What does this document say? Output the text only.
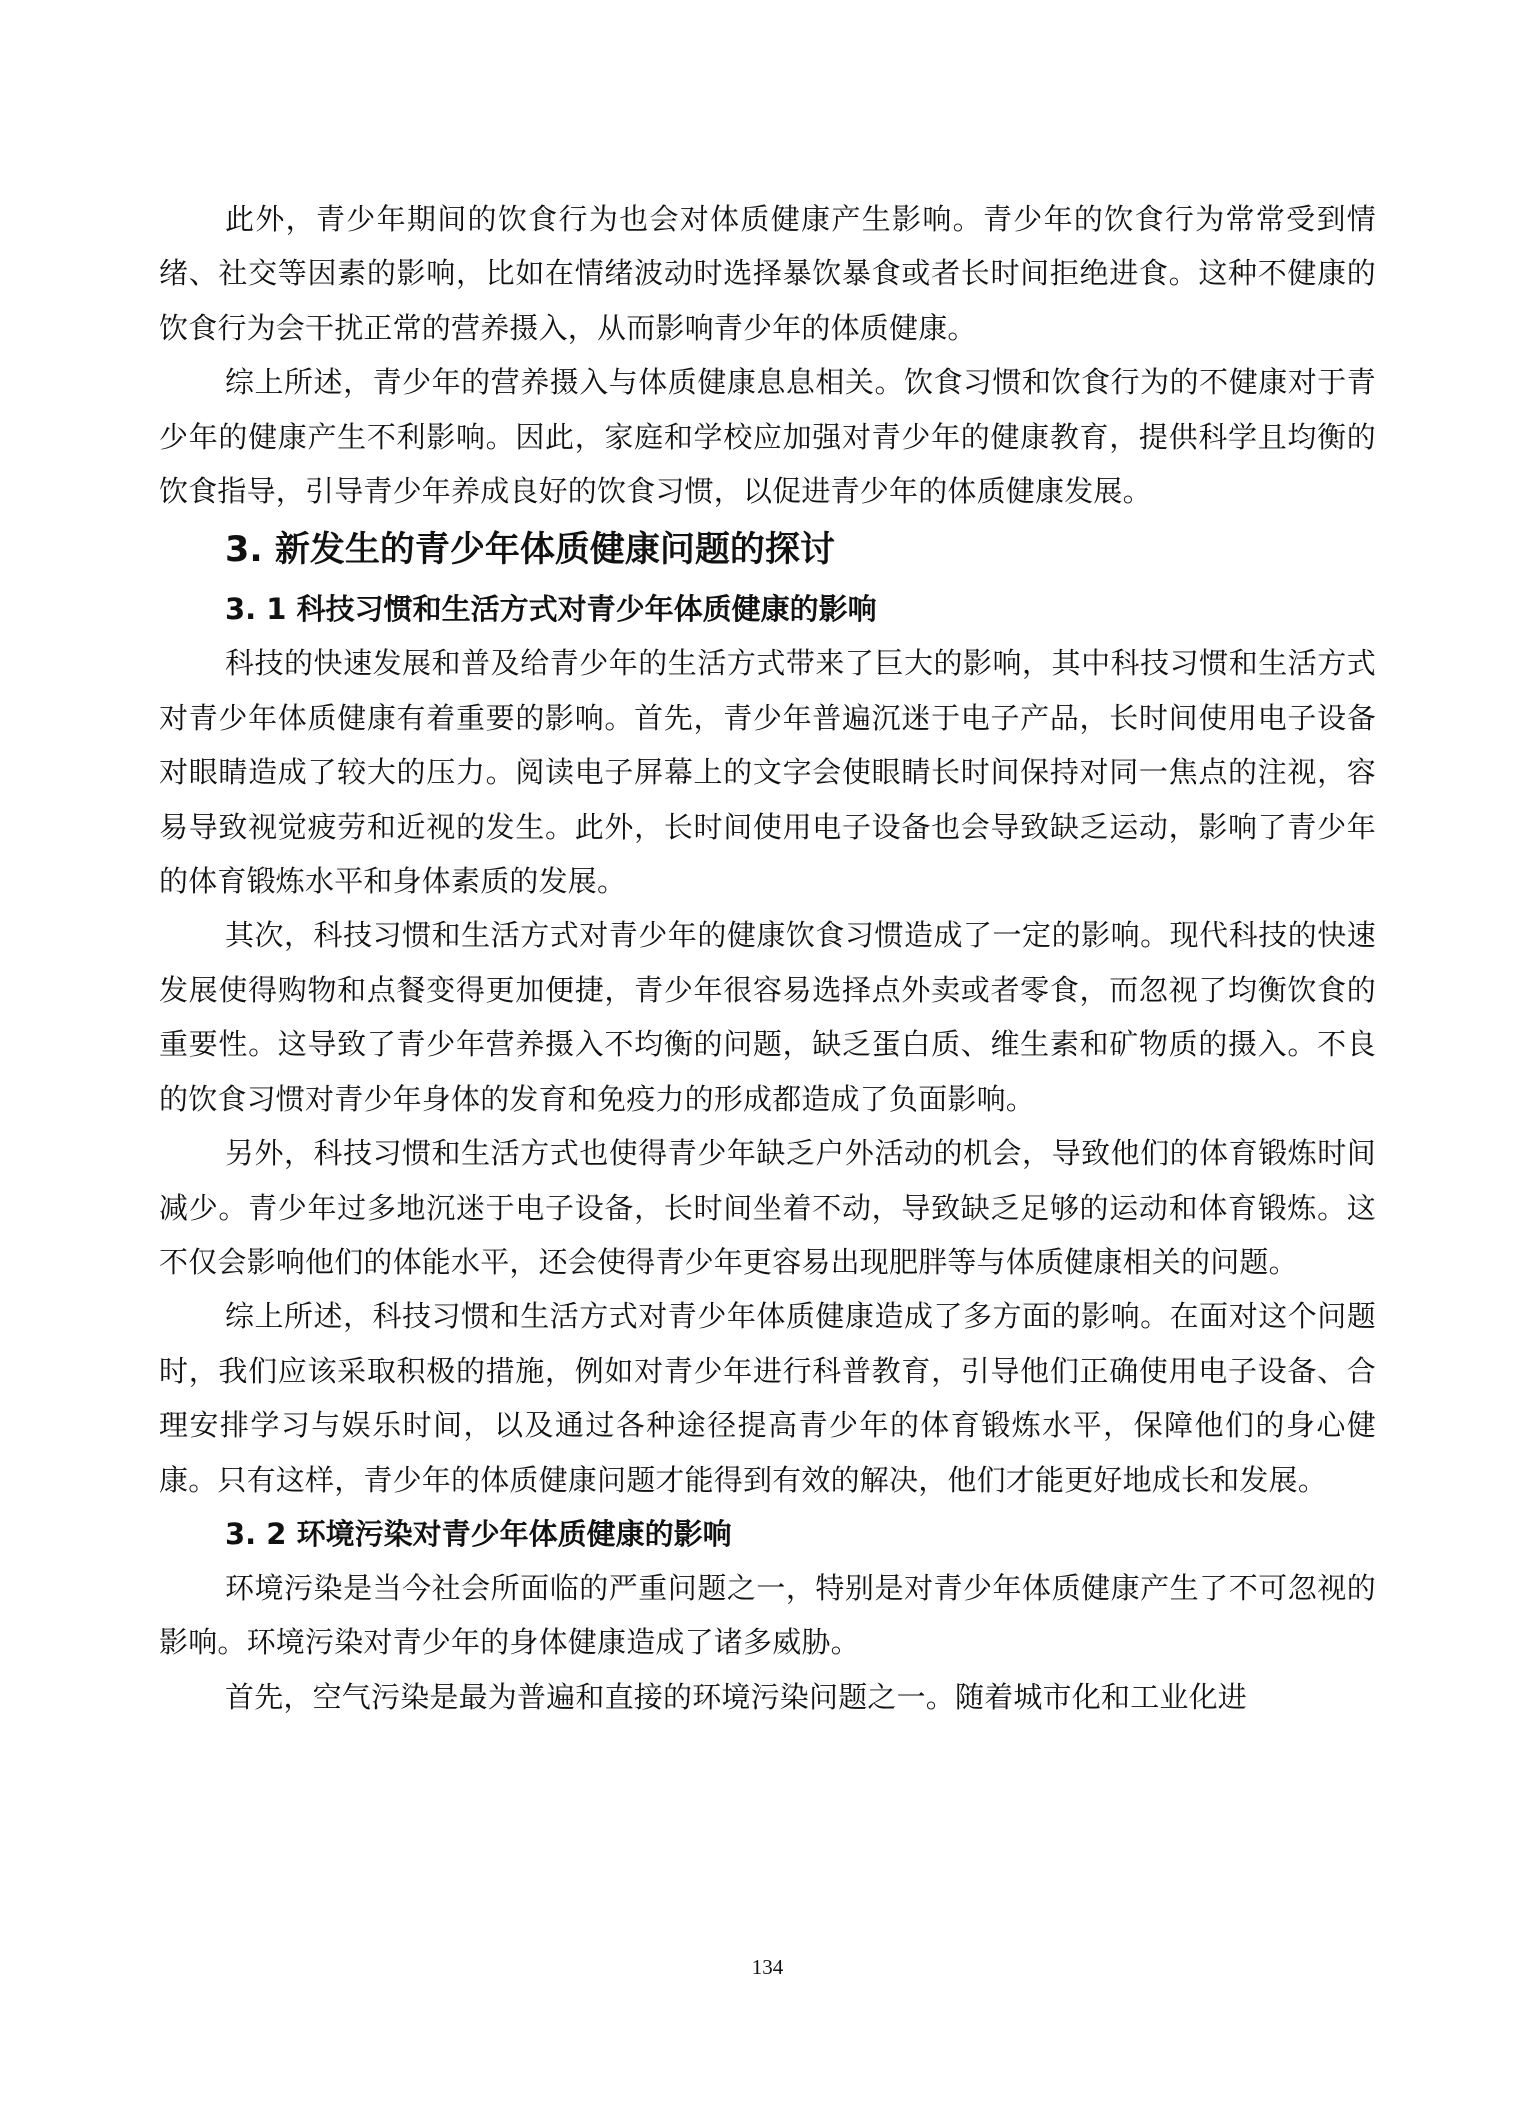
此外，青少年期间的饮食行为也会对体质健康产生影响。青少年的饮食行为常常受到情绪、社交等因素的影响，比如在情绪波动时选择暴饮暴食或者长时间拒绝进食。这种不健康的饮食行为会干扰正常的营养摄入，从而影响青少年的体质健康。

综上所述，青少年的营养摄入与体质健康息息相关。饮食习惯和饮食行为的不健康对于青少年的健康产生不利影响。因此，家庭和学校应加强对青少年的健康教育，提供科学且均衡的饮食指导，引导青少年养成良好的饮食习惯，以促进青少年的体质健康发展。

3. 新发生的青少年体质健康问题的探讨
3. 1 科技习惯和生活方式对青少年体质健康的影响

科技的快速发展和普及给青少年的生活方式带来了巨大的影响，其中科技习惯和生活方式对青少年体质健康有着重要的影响。首先，青少年普遍沉迷于电子产品，长时间使用电子设备对眼睛造成了较大的压力。阅读电子屏幕上的文字会使眼睛长时间保持对同一焦点的注视，容易导致视觉疲劳和近视的发生。此外，长时间使用电子设备也会导致缺乏运动，影响了青少年的体育锻炼水平和身体素质的发展。

其次，科技习惯和生活方式对青少年的健康饮食习惯造成了一定的影响。现代科技的快速发展使得购物和点餐变得更加便捷，青少年很容易选择点外卖或者零食，而忽视了均衡饮食的重要性。这导致了青少年营养摄入不均衡的问题，缺乏蛋白质、维生素和矿物质的摄入。不良的饮食习惯对青少年身体的发育和免疫力的形成都造成了负面影响。

另外，科技习惯和生活方式也使得青少年缺乏户外活动的机会，导致他们的体育锻炼时间减少。青少年过多地沉迷于电子设备，长时间坐着不动，导致缺乏足够的运动和体育锻炼。这不仅会影响他们的体能水平，还会使得青少年更容易出现肥胖等与体质健康相关的问题。

综上所述，科技习惯和生活方式对青少年体质健康造成了多方面的影响。在面对这个问题时，我们应该采取积极的措施，例如对青少年进行科普教育，引导他们正确使用电子设备、合理安排学习与娱乐时间，以及通过各种途径提高青少年的体育锻炼水平，保障他们的身心健康。只有这样，青少年的体质健康问题才能得到有效的解决，他们才能更好地成长和发展。

3. 2 环境污染对青少年体质健康的影响

环境污染是当今社会所面临的严重问题之一，特别是对青少年体质健康产生了不可忽视的影响。环境污染对青少年的身体健康造成了诸多威胁。

首先，空气污染是最为普遍和直接的环境污染问题之一。随着城市化和工业化进

134
